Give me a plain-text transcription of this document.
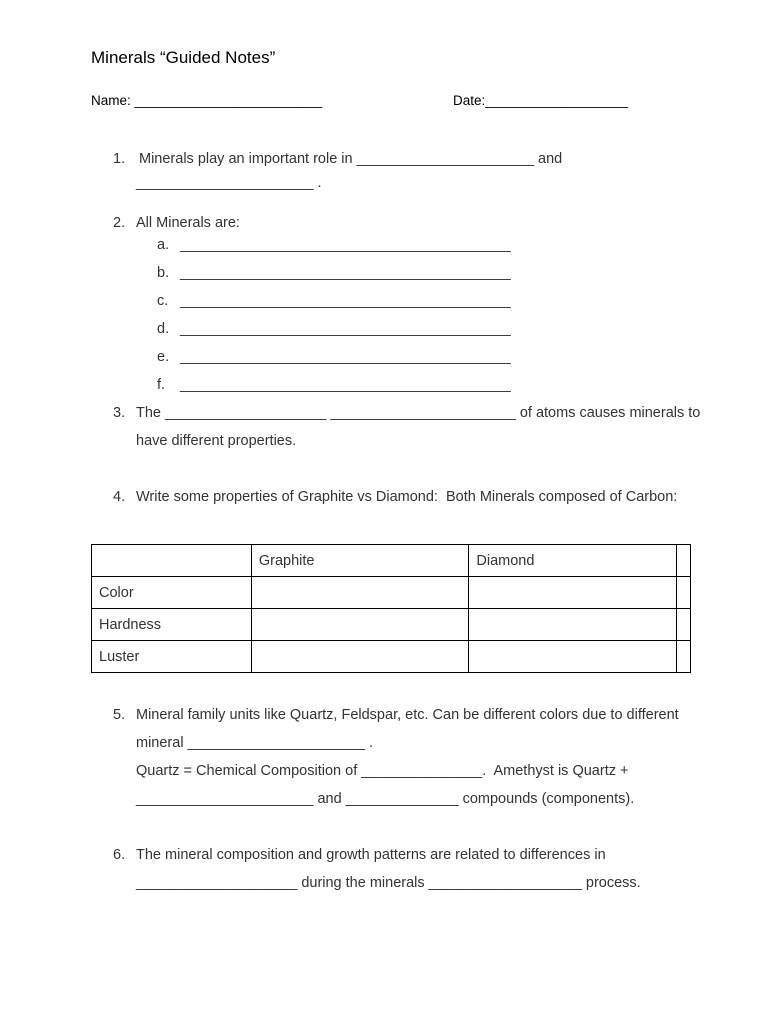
Minerals “Guided Notes”
Name: _________________________	Date:___________________
1. Minerals play an important role in ______________________ and
______________________ .
2. All Minerals are:
a. _________________________________________
b. _________________________________________
c. _________________________________________
d. _________________________________________
e. _________________________________________
f. _________________________________________
3. The ____________________ _______________________ of atoms causes minerals to
have different properties.
4. Write some properties of Graphite vs Diamond:  Both Minerals composed of Carbon:
	Graphite	Diamond	
Color			
Hardness			
Luster			
5. Mineral family units like Quartz, Feldspar, etc. Can be different colors due to different
mineral ______________________ .
Quartz = Chemical Composition of _______________.  Amethyst is Quartz +
______________________ and ______________ compounds (components).
6. The mineral composition and growth patterns are related to differences in
____________________ during the minerals ___________________ process.
